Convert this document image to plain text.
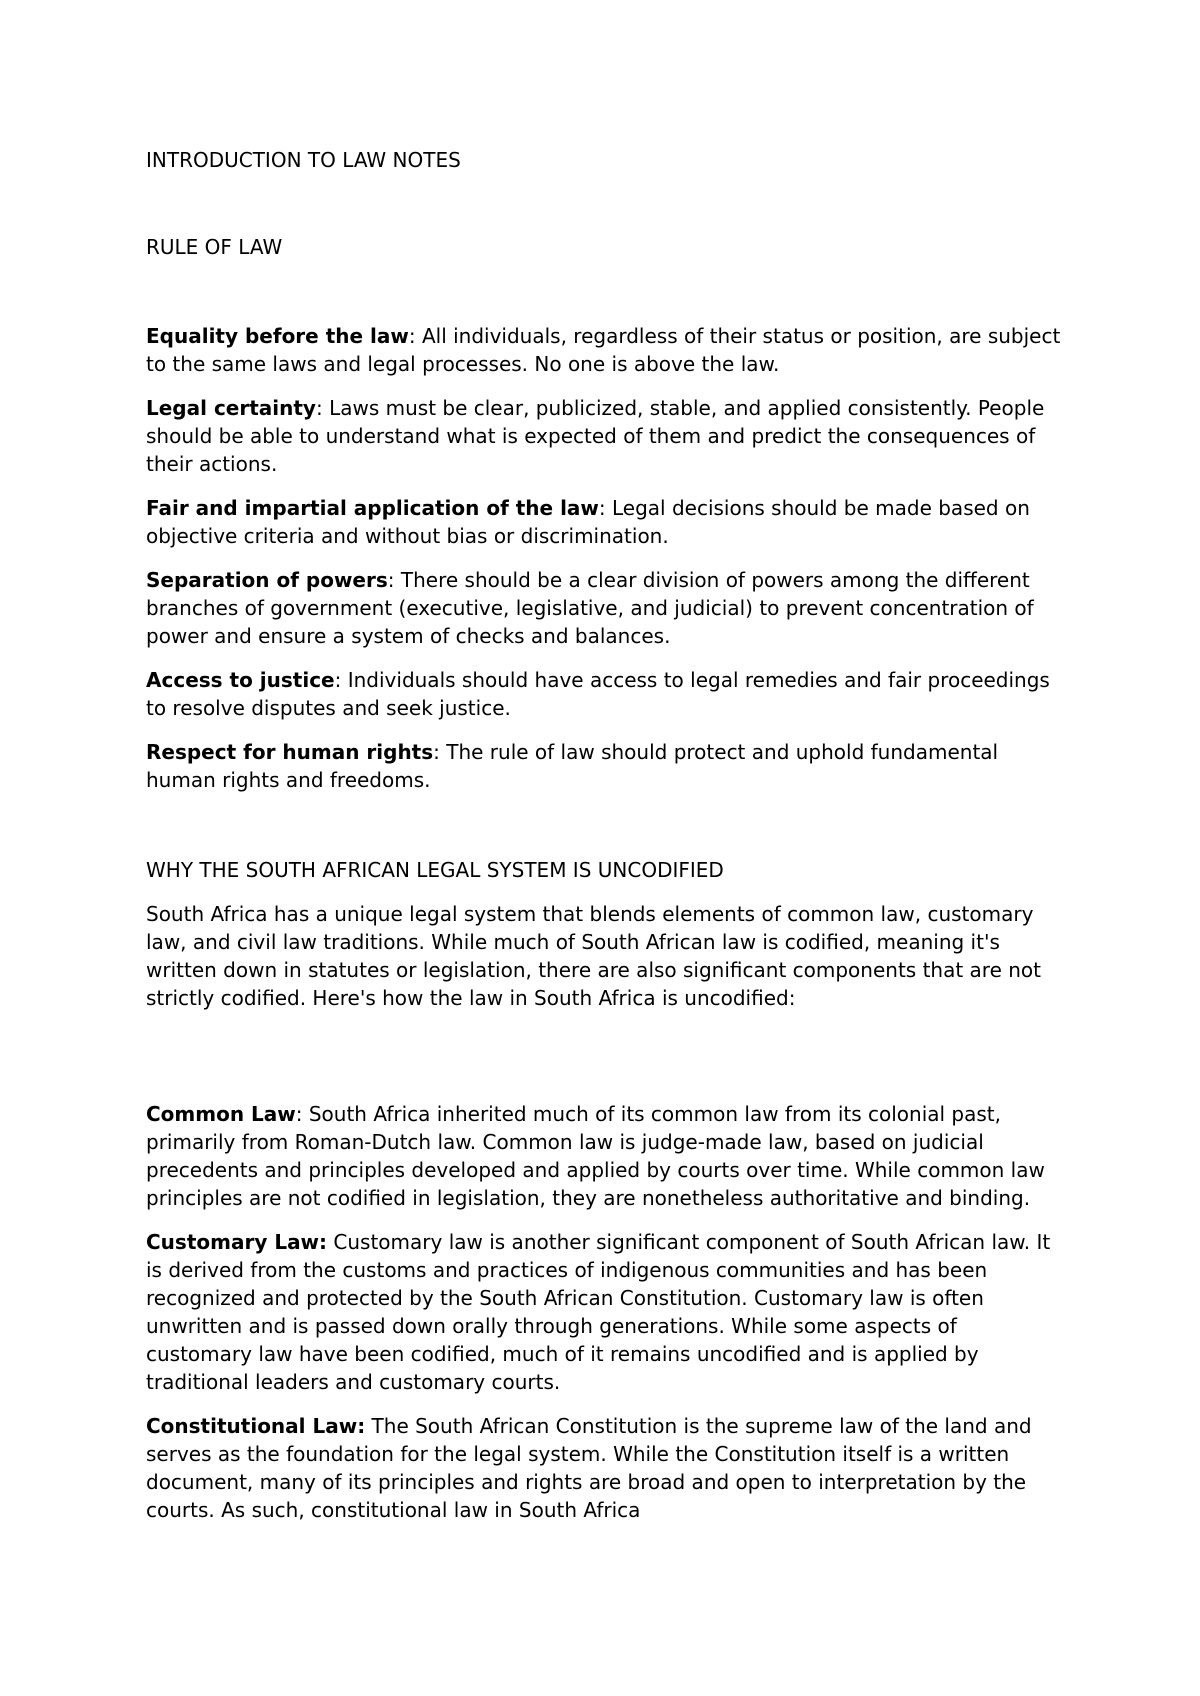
INTRODUCTION TO LAW NOTES
RULE OF LAW

Equality before the law: All individuals, regardless of their status or position, are subject to the same laws and legal processes. No one is above the law.

Legal certainty: Laws must be clear, publicized, stable, and applied consistently. People should be able to understand what is expected of them and predict the consequences of their actions.

Fair and impartial application of the law: Legal decisions should be made based on objective criteria and without bias or discrimination.

Separation of powers: There should be a clear division of powers among the different branches of government (executive, legislative, and judicial) to prevent concentration of power and ensure a system of checks and balances.

Access to justice: Individuals should have access to legal remedies and fair proceedings to resolve disputes and seek justice.

Respect for human rights: The rule of law should protect and uphold fundamental human rights and freedoms.

WHY THE SOUTH AFRICAN LEGAL SYSTEM IS UNCODIFIED

South Africa has a unique legal system that blends elements of common law, customary law, and civil law traditions. While much of South African law is codified, meaning it's written down in statutes or legislation, there are also significant components that are not strictly codified. Here's how the law in South Africa is uncodified:

Common Law: South Africa inherited much of its common law from its colonial past, primarily from Roman-Dutch law. Common law is judge-made law, based on judicial precedents and principles developed and applied by courts over time. While common law principles are not codified in legislation, they are nonetheless authoritative and binding.

Customary Law: Customary law is another significant component of South African law. It is derived from the customs and practices of indigenous communities and has been recognized and protected by the South African Constitution. Customary law is often unwritten and is passed down orally through generations. While some aspects of customary law have been codified, much of it remains uncodified and is applied by traditional leaders and customary courts.

Constitutional Law: The South African Constitution is the supreme law of the land and serves as the foundation for the legal system. While the Constitution itself is a written document, many of its principles and rights are broad and open to interpretation by the courts. As such, constitutional law in South Africa
